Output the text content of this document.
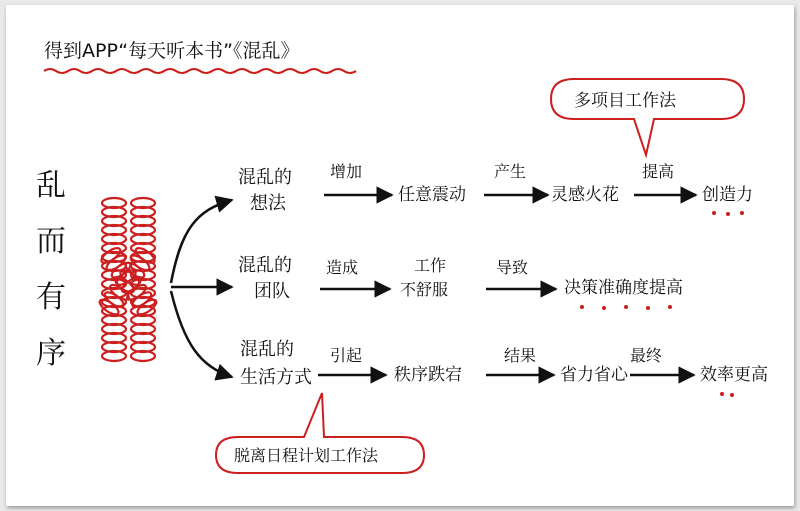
得到APP“每天听本书”《混乱》
乱
而
有
序
混乱的
想法
增加
任意震动
产生
灵感火花
提高
创造力
混乱的
团队
造成	工作
不舒服
导致
决策准确度提高
混乱的
生活方式
引起
秩序跌宕
结果
省力省心
最终
效率更高
多项目工作法
脱离日程计划工作法
